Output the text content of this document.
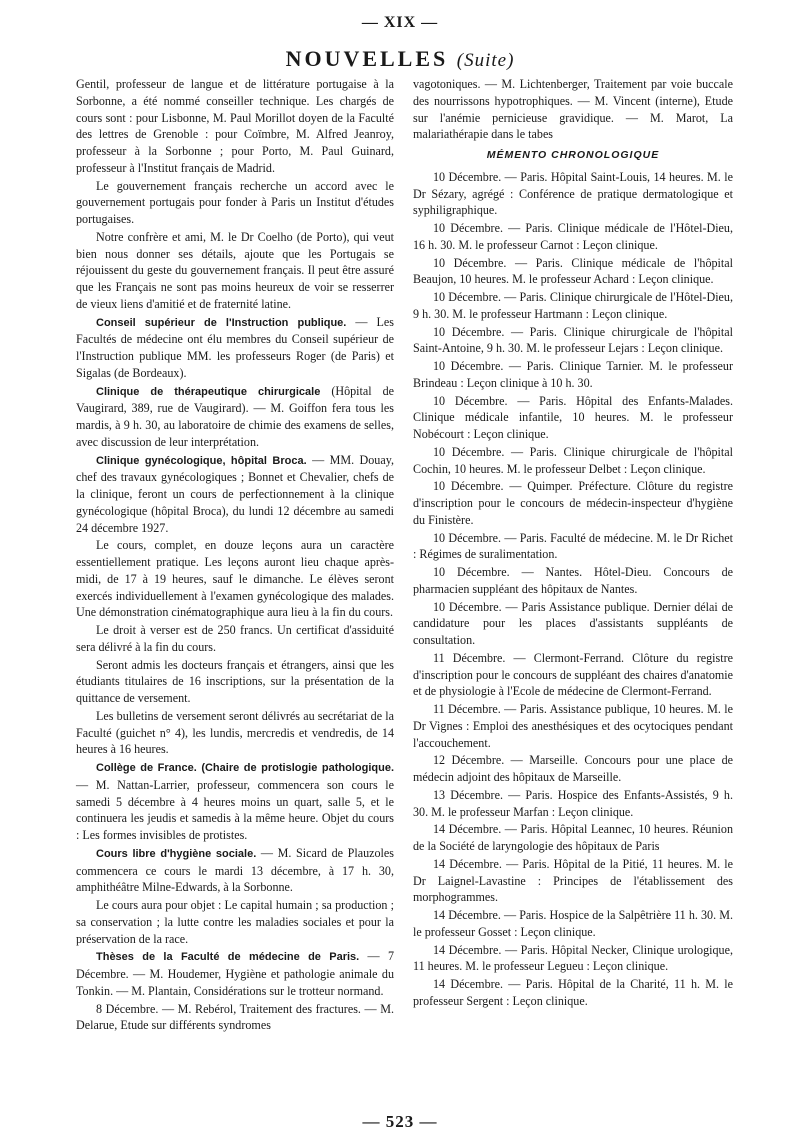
— XIX —
NOUVELLES (Suite)

Gentil, professeur de langue et de littérature portugaise à la Sorbonne, a été nommé conseiller technique. Les chargés de cours sont : pour Lisbonne, M. Paul Morillot doyen de la Faculté des lettres de Grenoble : pour Coïmbre, M. Alfred Jeanroy, professeur à la Sorbonne ; pour Porto, M. Paul Guinard, professeur à l'Institut français de Madrid.

Le gouvernement français recherche un accord avec le gouvernement portugais pour fonder à Paris un Institut d'études portugaises.

Notre confrère et ami, M. le Dr Coelho (de Porto), qui veut bien nous donner ses détails, ajoute que les Portugais se réjouissent du geste du gouvernement français. Il peut être assuré que les Français ne sont pas moins heureux de voir se resserrer de vieux liens d'amitié et de fraternité latine.

Conseil supérieur de l'Instruction publique. — Les Facultés de médecine ont élu membres du Conseil supérieur de l'Instruction publique MM. les professeurs Roger (de Paris) et Sigalas (de Bordeaux).

Clinique de thérapeutique chirurgicale (Hôpital de Vaugirard, 389, rue de Vaugirard). — M. Goiffon fera tous les mardis, à 9 h. 30, au laboratoire de chimie des examens de selles, avec discussion de leur interprétation.

Clinique gynécologique, hôpital Broca. — MM. Douay, chef des travaux gynécologiques ; Bonnet et Chevalier, chefs de la clinique, feront un cours de perfectionnement à la clinique gynécologique (hôpital Broca), du lundi 12 décembre au samedi 24 décembre 1927.

Le cours, complet, en douze leçons aura un caractère essentiellement pratique. Les leçons auront lieu chaque après-midi, de 17 à 19 heures, sauf le dimanche. Le élèves seront exercés individuellement à l'examen gynécologique des malades. Une démonstration cinématographique aura lieu à la fin du cours.

Le droit à verser est de 250 francs. Un certificat d'assiduité sera délivré à la fin du cours.

Seront admis les docteurs français et étrangers, ainsi que les étudiants titulaires de 16 inscriptions, sur la présentation de la quittance de versement.

Les bulletins de versement seront délivrés au secrétariat de la Faculté (guichet n° 4), les lundis, mercredis et vendredis, de 14 heures à 16 heures.

Collège de France. (Chaire de protislogie pathologique. — M. Nattan-Larrier, professeur, commencera son cours le samedi 5 décembre à 4 heures moins un quart, salle 5, et le continuera les jeudis et samedis à la même heure. Objet du cours : Les formes invisibles de protistes.

Cours libre d'hygiène sociale. — M. Sicard de Plauzoles commencera ce cours le mardi 13 décembre, à 17 h. 30, amphithéâtre Milne-Edwards, à la Sorbonne.

Le cours aura pour objet : Le capital humain ; sa production ; sa conservation ; la lutte contre les maladies sociales et pour la préservation de la race.

Thèses de la Faculté de médecine de Paris. — 7 Décembre. — M. Houdemer, Hygiène et pathologie animale du Tonkin. — M. Plantain, Considérations sur le trotteur normand.

8 Décembre. — M. Rebérol, Traitement des fractures. — M. Delarue, Etude sur différents syndromes

vagotoniques. — M. Lichtenberger, Traitement par voie buccale des nourrissons hypotrophiques. — M. Vincent (interne), Etude sur l'anémie pernicieuse gravidique. — M. Marot, La malariathérapie dans le tabes

MÉMENTO CHRONOLOGIQUE

10 Décembre. — Paris. Hôpital Saint-Louis, 14 heures. M. le Dr Sézary, agrégé : Conférence de pratique dermatologique et syphiligraphique.

10 Décembre. — Paris. Clinique médicale de l'Hôtel-Dieu, 16 h. 30. M. le professeur Carnot : Leçon clinique.

10 Décembre. — Paris. Clinique médicale de l'hôpital Beaujon, 10 heures. M. le professeur Achard : Leçon clinique.

10 Décembre. — Paris. Clinique chirurgicale de l'Hôtel-Dieu, 9 h. 30. M. le professeur Hartmann : Leçon clinique.

10 Décembre. — Paris. Clinique chirurgicale de l'hôpital Saint-Antoine, 9 h. 30. M. le professeur Lejars : Leçon clinique.

10 Décembre. — Paris. Clinique Tarnier. M. le professeur Brindeau : Leçon clinique à 10 h. 30.

10 Décembre. — Paris. Hôpital des Enfants-Malades. Clinique médicale infantile, 10 heures. M. le professeur Nobécourt : Leçon clinique.

10 Décembre. — Paris. Clinique chirurgicale de l'hôpital Cochin, 10 heures. M. le professeur Delbet : Leçon clinique.

10 Décembre. — Quimper. Préfecture. Clôture du registre d'inscription pour le concours de médecin-inspecteur d'hygiène du Finistère.

10 Décembre. — Paris. Faculté de médecine. M. le Dr Richet : Régimes de suralimentation.

10 Décembre. — Nantes. Hôtel-Dieu. Concours de pharmacien suppléant des hôpitaux de Nantes.

10 Décembre. — Paris Assistance publique. Dernier délai de candidature pour les places d'assistants suppléants de consultation.

11 Décembre. — Clermont-Ferrand. Clôture du registre d'inscription pour le concours de suppléant des chaires d'anatomie et de physiologie à l'Ecole de médecine de Clermont-Ferrand.

11 Décembre. — Paris. Assistance publique, 10 heures. M. le Dr Vignes : Emploi des anesthésiques et des ocytociques pendant l'accouchement.

12 Décembre. — Marseille. Concours pour une place de médecin adjoint des hôpitaux de Marseille.

13 Décembre. — Paris. Hospice des Enfants-Assistés, 9 h. 30. M. le professeur Marfan : Leçon clinique.

14 Décembre. — Paris. Hôpital Leannec, 10 heures. Réunion de la Société de laryngologie des hôpitaux de Paris

14 Décembre. — Paris. Hôpital de la Pitié, 11 heures. M. le Dr Laignel-Lavastine : Principes de l'établissement des morphogrammes.

14 Décembre. — Paris. Hospice de la Salpêtrière 11 h. 30. M. le professeur Gosset : Leçon clinique.

14 Décembre. — Paris. Hôpital Necker, Clinique urologique, 11 heures. M. le professeur Legueu : Leçon clinique.

14 Décembre. — Paris. Hôpital de la Charité, 11 h. M. le professeur Sergent : Leçon clinique.

— 523 —
